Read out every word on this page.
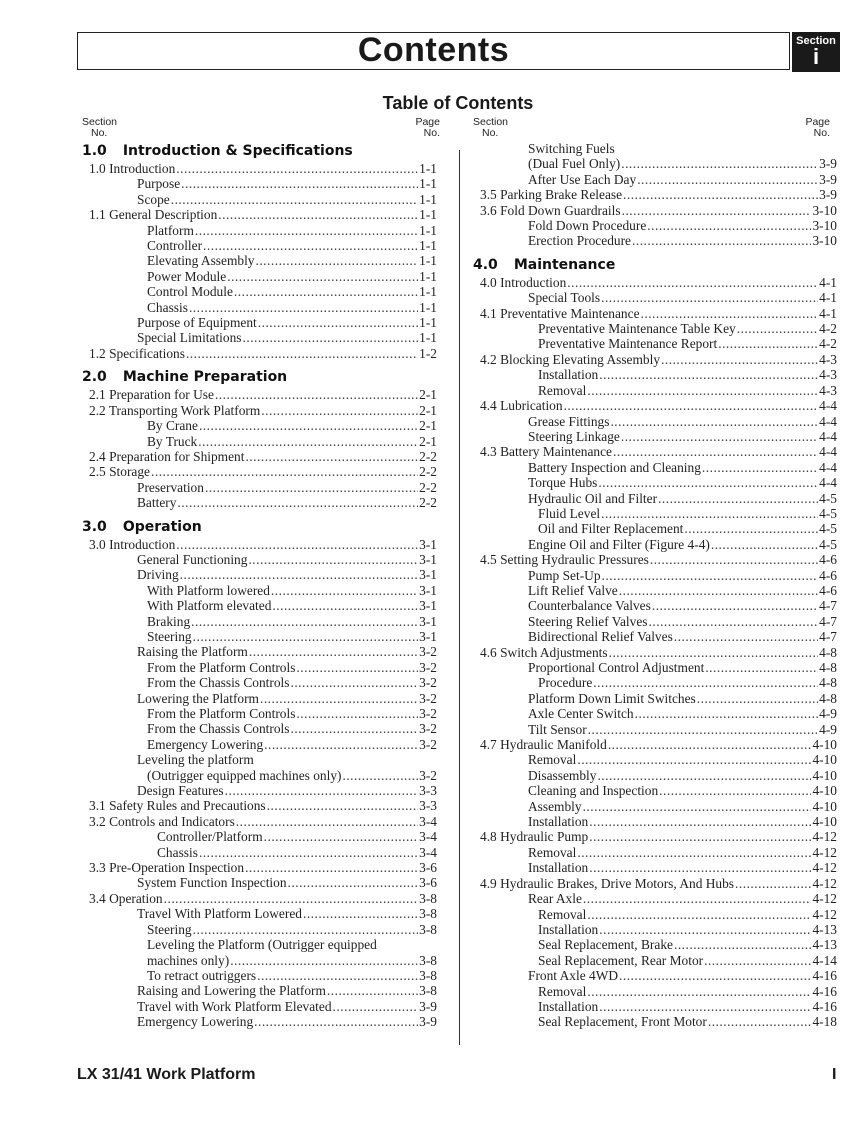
Contents	Section
i
Table of Contents
Section
No.
Page
No.
Section
No.
Page
No.
1.0 Introduction & Specifications
1.0 Introduction .....	1-1
Purpose .....	1-1
Scope .....	1-1
1.1 General Description .....	1-1
Platform .....	1-1
Controller .....	1-1
Elevating Assembly .....	1-1
Power Module .....	1-1
Control Module .....	1-1
Chassis .....	1-1
Purpose of Equipment .....	1-1
Special Limitations .....	1-1
1.2 Specifications .....	1-2
2.0 Machine Preparation
2.1 Preparation for Use .....	2-1
2.2 Transporting Work Platform .....	2-1
By Crane .....	2-1
By Truck .....	2-1
2.4 Preparation for Shipment .....	2-2
2.5 Storage .....	2-2
Preservation .....	2-2
Battery .....	2-2
3.0 Operation
3.0 Introduction .....	3-1
General Functioning .....	3-1
Driving .....	3-1
With Platform lowered .....	3-1
With Platform elevated .....	3-1
Braking .....	3-1
Steering .....	3-1
Raising the Platform .....	3-2
From the Platform Controls .....	3-2
From the Chassis Controls .....	3-2
Lowering the Platform .....	3-2
From the Platform Controls .....	3-2
From the Chassis Controls .....	3-2
Emergency Lowering .....	3-2
Leveling the platform
(Outrigger equipped machines only) .....	3-2
Design Features .....	3-3
3.1 Safety Rules and Precautions .....	3-3
3.2 Controls and Indicators .....	3-4
Controller/Platform .....	3-4
Chassis .....	3-4
3.3 Pre-Operation Inspection .....	3-6
System Function Inspection .....	3-6
3.4 Operation .....	3-8
Travel With Platform Lowered .....	3-8
Steering .....	3-8
Leveling the Platform (Outrigger equipped
machines only) .....	3-8
To retract outriggers .....	3-8
Raising and Lowering the Platform .....	3-8
Travel with Work Platform Elevated .....	3-9
Emergency Lowering .....	3-9
Switching Fuels
(Dual Fuel Only) .....	3-9
After Use Each Day .....	3-9
3.5 Parking Brake Release .....	3-9
3.6 Fold Down Guardrails .....	3-10
Fold Down Procedure .....	3-10
Erection Procedure .....	3-10
4.0 Maintenance
4.0 Introduction .....	4-1
Special Tools .....	4-1
4.1 Preventative Maintenance .....	4-1
Preventative Maintenance Table Key .....	4-2
Preventative Maintenance Report .....	4-2
4.2 Blocking Elevating Assembly .....	4-3
Installation .....	4-3
Removal .....	4-3
4.4 Lubrication .....	4-4
Grease Fittings .....	4-4
Steering Linkage .....	4-4
4.3 Battery Maintenance .....	4-4
Battery Inspection and Cleaning .....	4-4
Torque Hubs .....	4-4
Hydraulic Oil and Filter .....	4-5
Fluid Level .....	4-5
Oil and Filter Replacement .....	4-5
Engine Oil and Filter (Figure 4-4) .....	4-5
4.5 Setting Hydraulic Pressures .....	4-6
Pump Set-Up .....	4-6
Lift Relief Valve .....	4-6
Counterbalance Valves .....	4-7
Steering Relief Valves .....	4-7
Bidirectional Relief Valves .....	4-7
4.6 Switch Adjustments .....	4-8
Proportional Control Adjustment .....	4-8
Procedure .....	4-8
Platform Down Limit Switches .....	4-8
Axle Center Switch .....	4-9
Tilt Sensor .....	4-9
4.7 Hydraulic Manifold .....	4-10
Removal .....	4-10
Disassembly .....	4-10
Cleaning and Inspection .....	4-10
Assembly .....	4-10
Installation .....	4-10
4.8 Hydraulic Pump .....	4-12
Removal .....	4-12
Installation .....	4-12
4.9 Hydraulic Brakes, Drive Motors, And Hubs .....	4-12
Rear Axle .....	4-12
Removal .....	4-12
Installation .....	4-13
Seal Replacement, Brake .....	4-13
Seal Replacement, Rear Motor .....	4-14
Front Axle 4WD .....	4-16
Removal .....	4-16
Installation .....	4-16
Seal Replacement, Front Motor .....	4-18
LX 31/41 Work Platform	I
